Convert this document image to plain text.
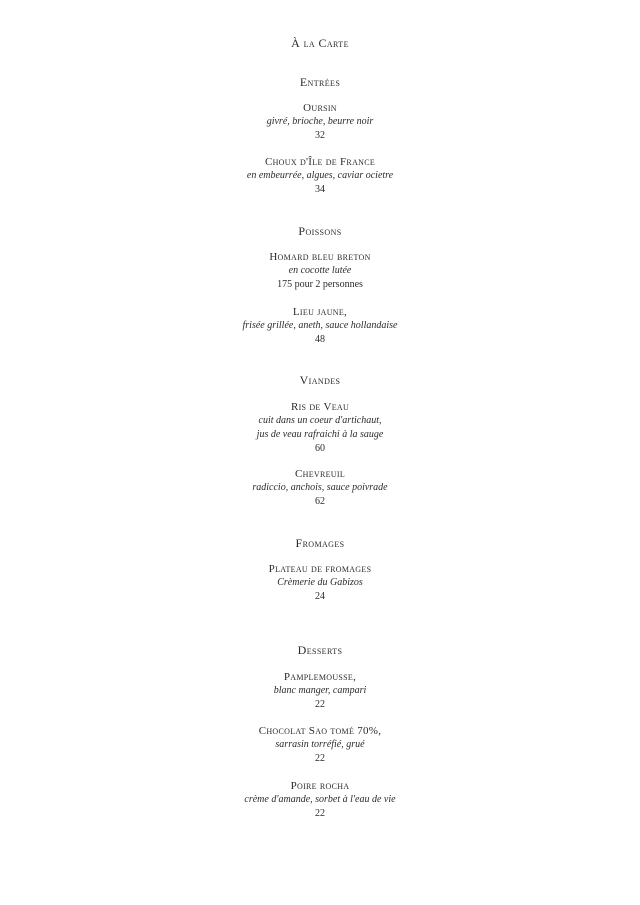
À la Carte
Entrées
Oursin
givré, brioche, beurre noir
32
Choux d'Île de France
en embeurrée, algues, caviar ocietre
34
Poissons
Homard bleu breton
en cocotte lutée
175 pour 2 personnes
Lieu jaune,
frisée grillée, aneth, sauce hollandaise
48
Viandes
Ris de Veau
cuit dans un coeur d'artichaut,
jus de veau rafraichi à la sauge
60
Chevreuil
radiccio, anchois, sauce poivrade
62
Fromages
Plateau de fromages
Crèmerie du Gabizos
24
Desserts
Pamplemousse,
blanc manger, campari
22
Chocolat Sao tomé 70%,
sarrasin torréfié, grué
22
Poire rocha
crème d'amande, sorbet à l'eau de vie
22
